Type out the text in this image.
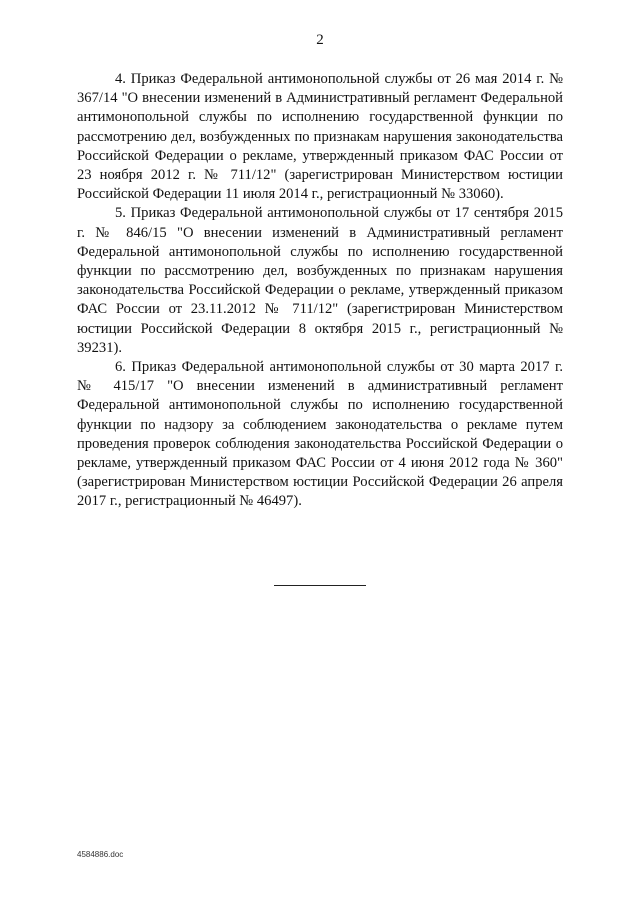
2

4. Приказ Федеральной антимонопольной службы от 26 мая 2014 г. № 367/14 "О внесении изменений в Административный регламент Федеральной антимонопольной службы по исполнению государственной функции по рассмотрению дел, возбужденных по признакам нарушения законодательства Российской Федерации о рекламе, утвержденный приказом ФАС России от 23 ноября 2012 г. № 711/12" (зарегистрирован Министерством юстиции Российской Федерации 11 июля 2014 г., регистрационный № 33060).

5. Приказ Федеральной антимонопольной службы от 17 сентября 2015 г. № 846/15 "О внесении изменений в Административный регламент Федеральной антимонопольной службы по исполнению государственной функции по рассмотрению дел, возбужденных по признакам нарушения законодательства Российской Федерации о рекламе, утвержденный приказом ФАС России от 23.11.2012 № 711/12" (зарегистрирован Министерством юстиции Российской Федерации 8 октября 2015 г., регистрационный № 39231).

6. Приказ Федеральной антимонопольной службы от 30 марта 2017 г. № 415/17 "О внесении изменений в административный регламент Федеральной антимонопольной службы по исполнению государственной функции по надзору за соблюдением законодательства о рекламе путем проведения проверок соблюдения законодательства Российской Федерации о рекламе, утвержденный приказом ФАС России от 4 июня 2012 года № 360" (зарегистрирован Министерством юстиции Российской Федерации 26 апреля 2017 г., регистрационный № 46497).

4584886.doc
